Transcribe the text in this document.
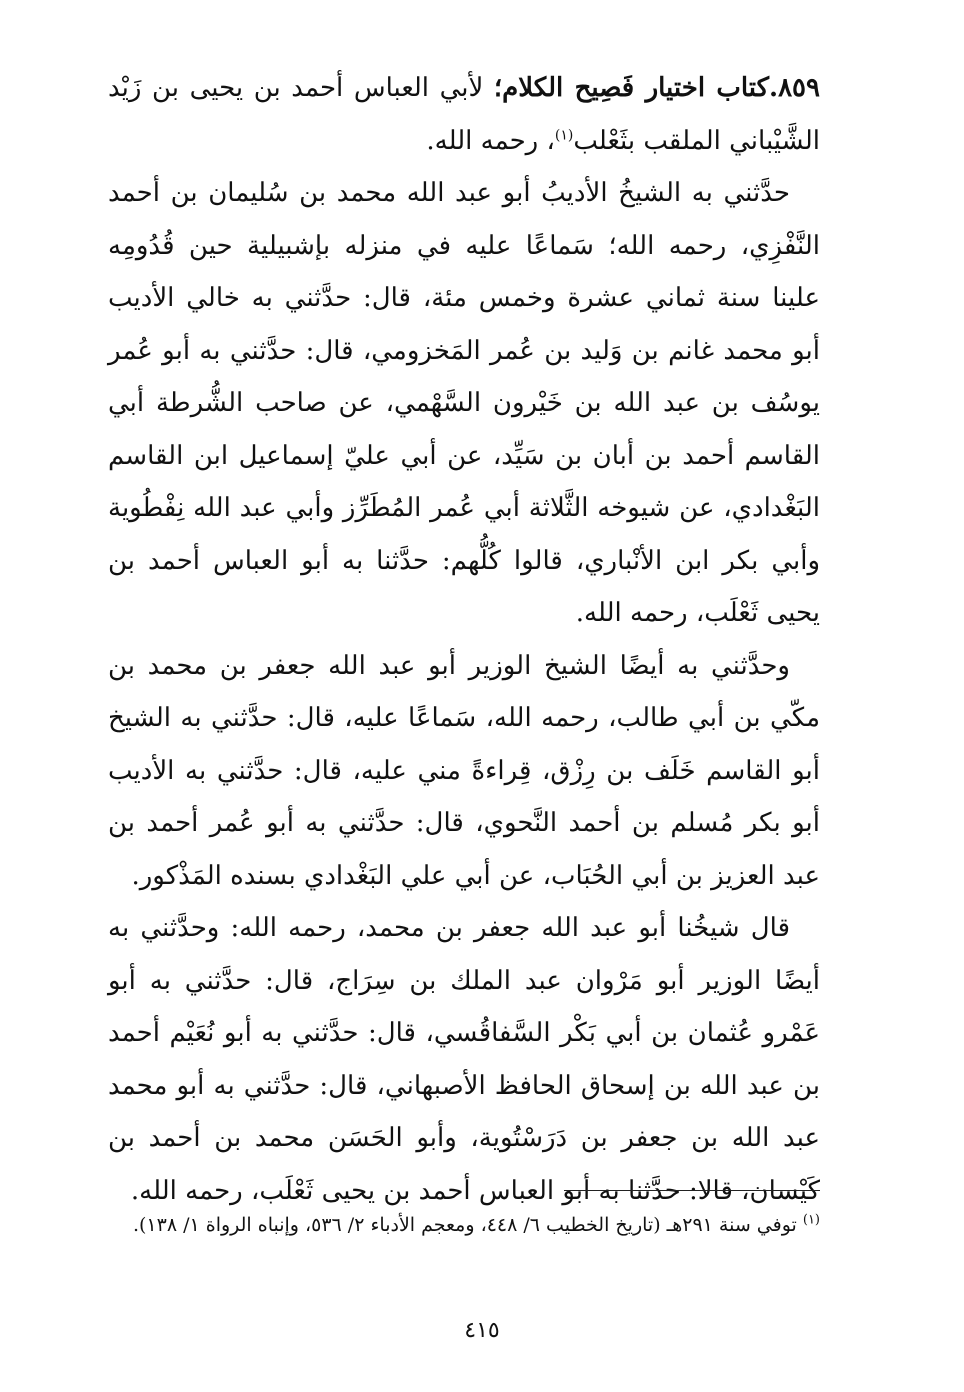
٨٥٩.كتاب اختيار فَصِيح الكلام؛ لأبي العباس أحمد بن يحيى بن زَيْد الشَّيْباني الملقب بثَعْلب$^{(١)}$، رحمه الله.

حدَّثني به الشيخُ الأديبُ أبو عبد الله محمد بن سُليمان بن أحمد النَّفْزِي، رحمه الله؛ سَماعًا عليه في منزله بإشبيلية حين قُدُومِه علينا سنة ثماني عشرة وخمس مئة، قال: حدَّثني به خالي الأديب أبو محمد غانم بن وَليد بن عُمر المَخزومي، قال: حدَّثني به أبو عُمر يوسُف بن عبد الله بن خَيْرون السَّهْمي، عن صاحب الشُّرطة أبي القاسم أحمد بن أبان بن سَيِّد، عن أبي عليّ إسماعيل ابن القاسم البَغْدادي، عن شيوخه الثَّلاثة أبي عُمر المُطَرِّز وأبي عبد الله نِفْطُوية وأبي بكر ابن الأنْباري، قالوا كُلُّهم: حدَّثنا به أبو العباس أحمد بن يحيى ثَعْلَب، رحمه الله.

وحدَّثني به أيضًا الشيخ الوزير أبو عبد الله جعفر بن محمد بن مكّي بن أبي طالب، رحمه الله، سَماعًا عليه، قال: حدَّثني به الشيخ أبو القاسم خَلَف بن رِزْق، قِراءةً مني عليه، قال: حدَّثني به الأديب أبو بكر مُسلم بن أحمد النَّحوي، قال: حدَّثني به أبو عُمر أحمد بن عبد العزيز بن أبي الحُبَاب، عن أبي علي البَغْدادي بسنده المَذْكور.

قال شيخُنا أبو عبد الله جعفر بن محمد، رحمه الله: وحدَّثني به أيضًا الوزير أبو مَرْوان عبد الملك بن سِرَاج، قال: حدَّثني به أبو عَمْرو عُثمان بن أبي بَكْر السَّفاقُسي، قال: حدَّثني به أبو نُعَيْم أحمد بن عبد الله بن إسحاق الحافظ الأصبهاني، قال: حدَّثني به أبو محمد عبد الله بن جعفر بن دَرَسْتُوية، وأبو الحَسَن محمد بن أحمد بن كَيْسان، قالا: حدَّثنا به أبو العباس أحمد بن يحيى ثَعْلَب، رحمه الله.

$^{(١)}$ توفي سنة ٢٩١هـ (تاريخ الخطيب ٦/ ٤٤٨، ومعجم الأدباء ٢/ ٥٣٦، وإنباه الرواة ١/ ١٣٨).
٤١٥
